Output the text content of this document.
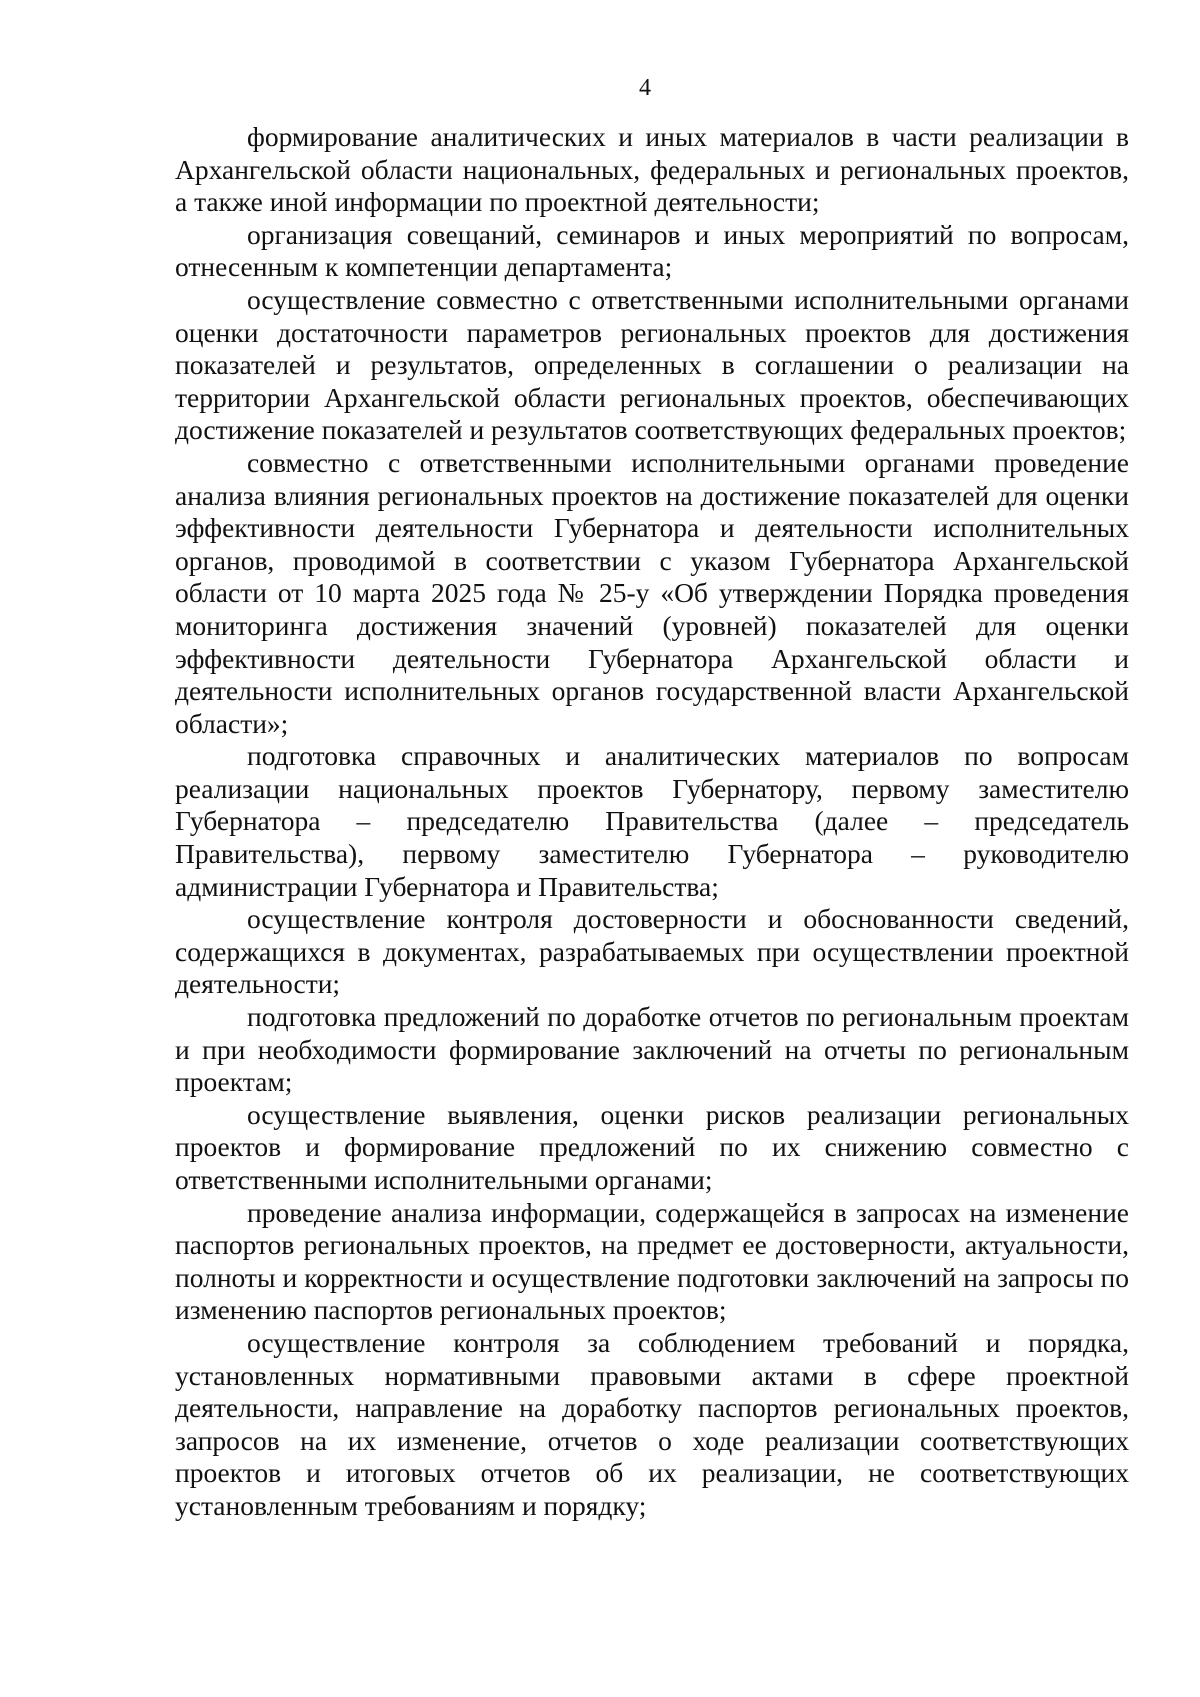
4

формирование аналитических и иных материалов в части реализации в Архангельской области национальных, федеральных и региональных проектов, а также иной информации по проектной деятельности;

организация совещаний, семинаров и иных мероприятий по вопросам, отнесенным к компетенции департамента;

осуществление совместно с ответственными исполнительными органами оценки достаточности параметров региональных проектов для достижения показателей и результатов, определенных в соглашении о реализации на территории Архангельской области региональных проектов, обеспечивающих достижение показателей и результатов соответствующих федеральных проектов;

совместно с ответственными исполнительными органами проведение анализа влияния региональных проектов на достижение показателей для оценки эффективности деятельности Губернатора и деятельности исполнительных органов, проводимой в соответствии с указом Губернатора Архангельской области от 10 марта 2025 года № 25-у «Об утверждении Порядка проведения мониторинга достижения значений (уровней) показателей для оценки эффективности деятельности Губернатора Архангельской области и деятельности исполнительных органов государственной власти Архангельской области»;

подготовка справочных и аналитических материалов по вопросам реализации национальных проектов Губернатору, первому заместителю Губернатора – председателю Правительства (далее – председатель Правительства), первому заместителю Губернатора – руководителю администрации Губернатора и Правительства;

осуществление контроля достоверности и обоснованности сведений, содержащихся в документах, разрабатываемых при осуществлении проектной деятельности;

подготовка предложений по доработке отчетов по региональным проектам и при необходимости формирование заключений на отчеты по региональным проектам;

осуществление выявления, оценки рисков реализации региональных проектов и формирование предложений по их снижению совместно с ответственными исполнительными органами;

проведение анализа информации, содержащейся в запросах на изменение паспортов региональных проектов, на предмет ее достоверности, актуальности, полноты и корректности и осуществление подготовки заключений на запросы по изменению паспортов региональных проектов;

осуществление контроля за соблюдением требований и порядка, установленных нормативными правовыми актами в сфере проектной деятельности, направление на доработку паспортов региональных проектов, запросов на их изменение, отчетов о ходе реализации соответствующих проектов и итоговых отчетов об их реализации, не соответствующих установленным требованиям и порядку;
